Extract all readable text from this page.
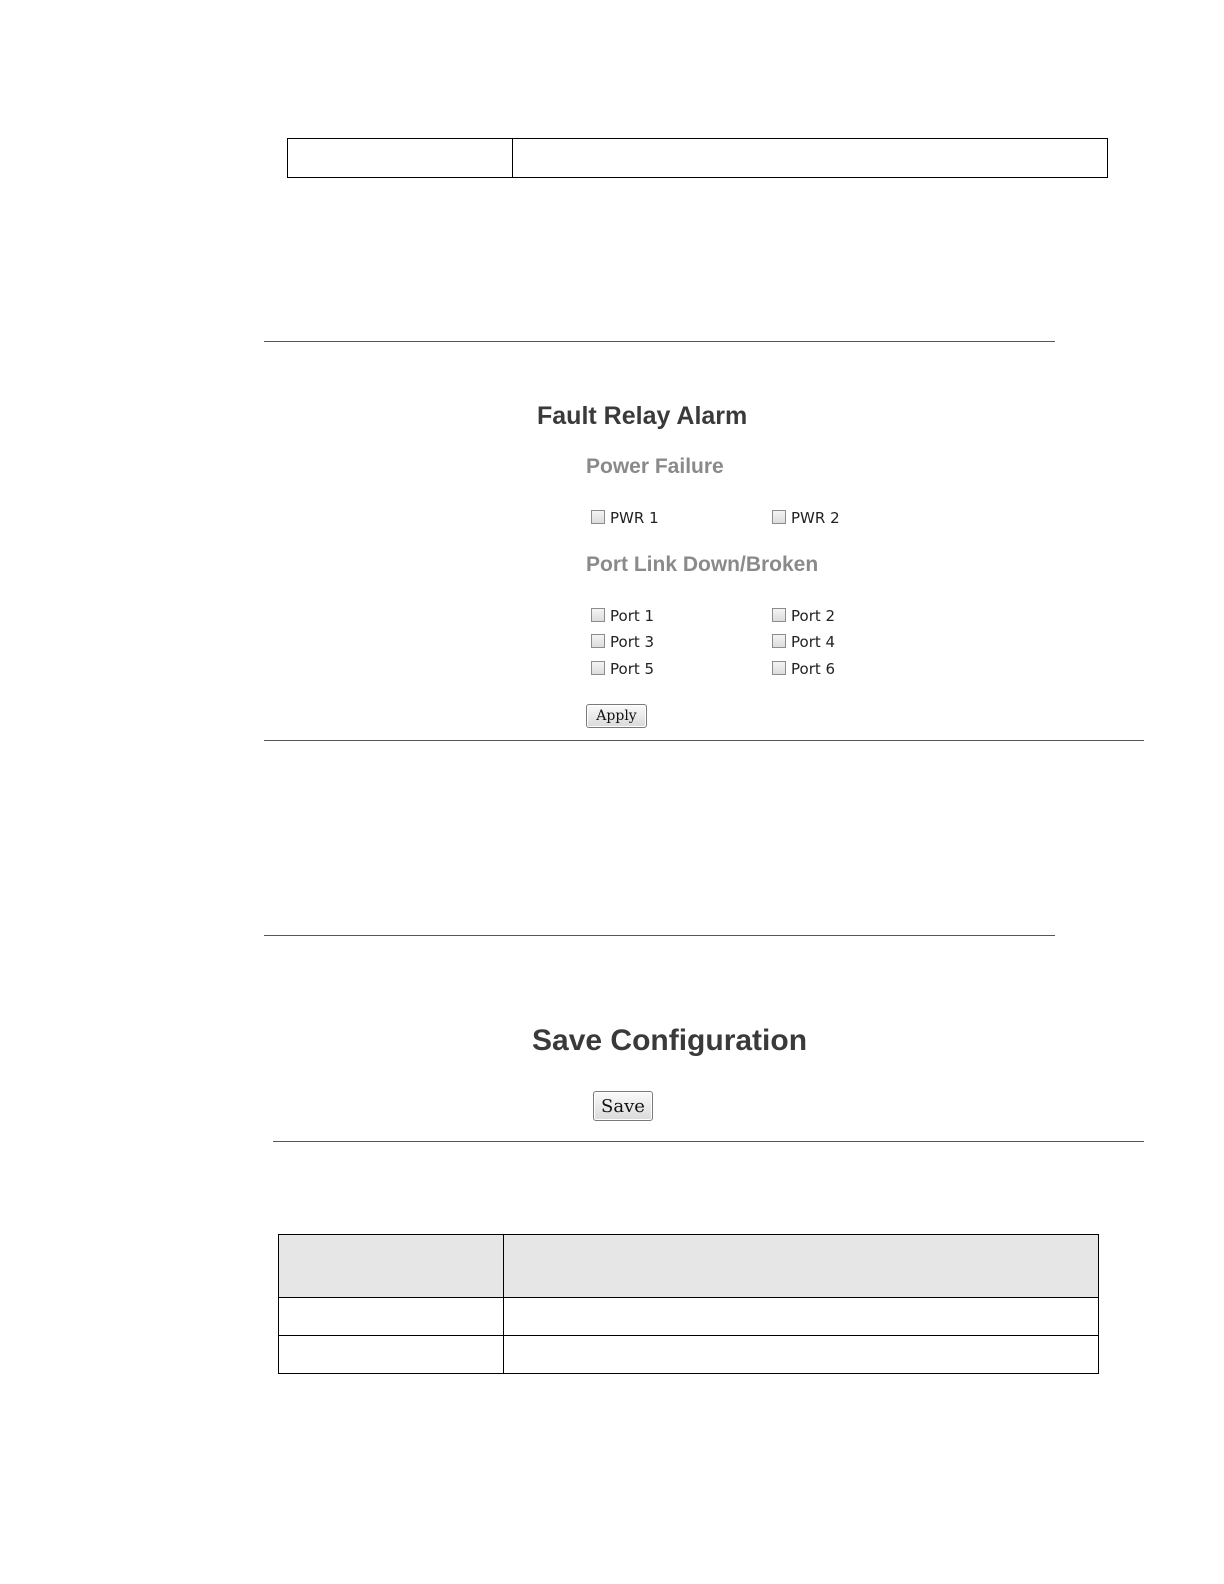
Fault Relay Alarm
Power Failure
PWR 1	PWR 2
Port Link Down/Broken
Port 1	Port 2
Port 3	Port 4
Port 5	Port 6
Apply
Save Configuration
Save
